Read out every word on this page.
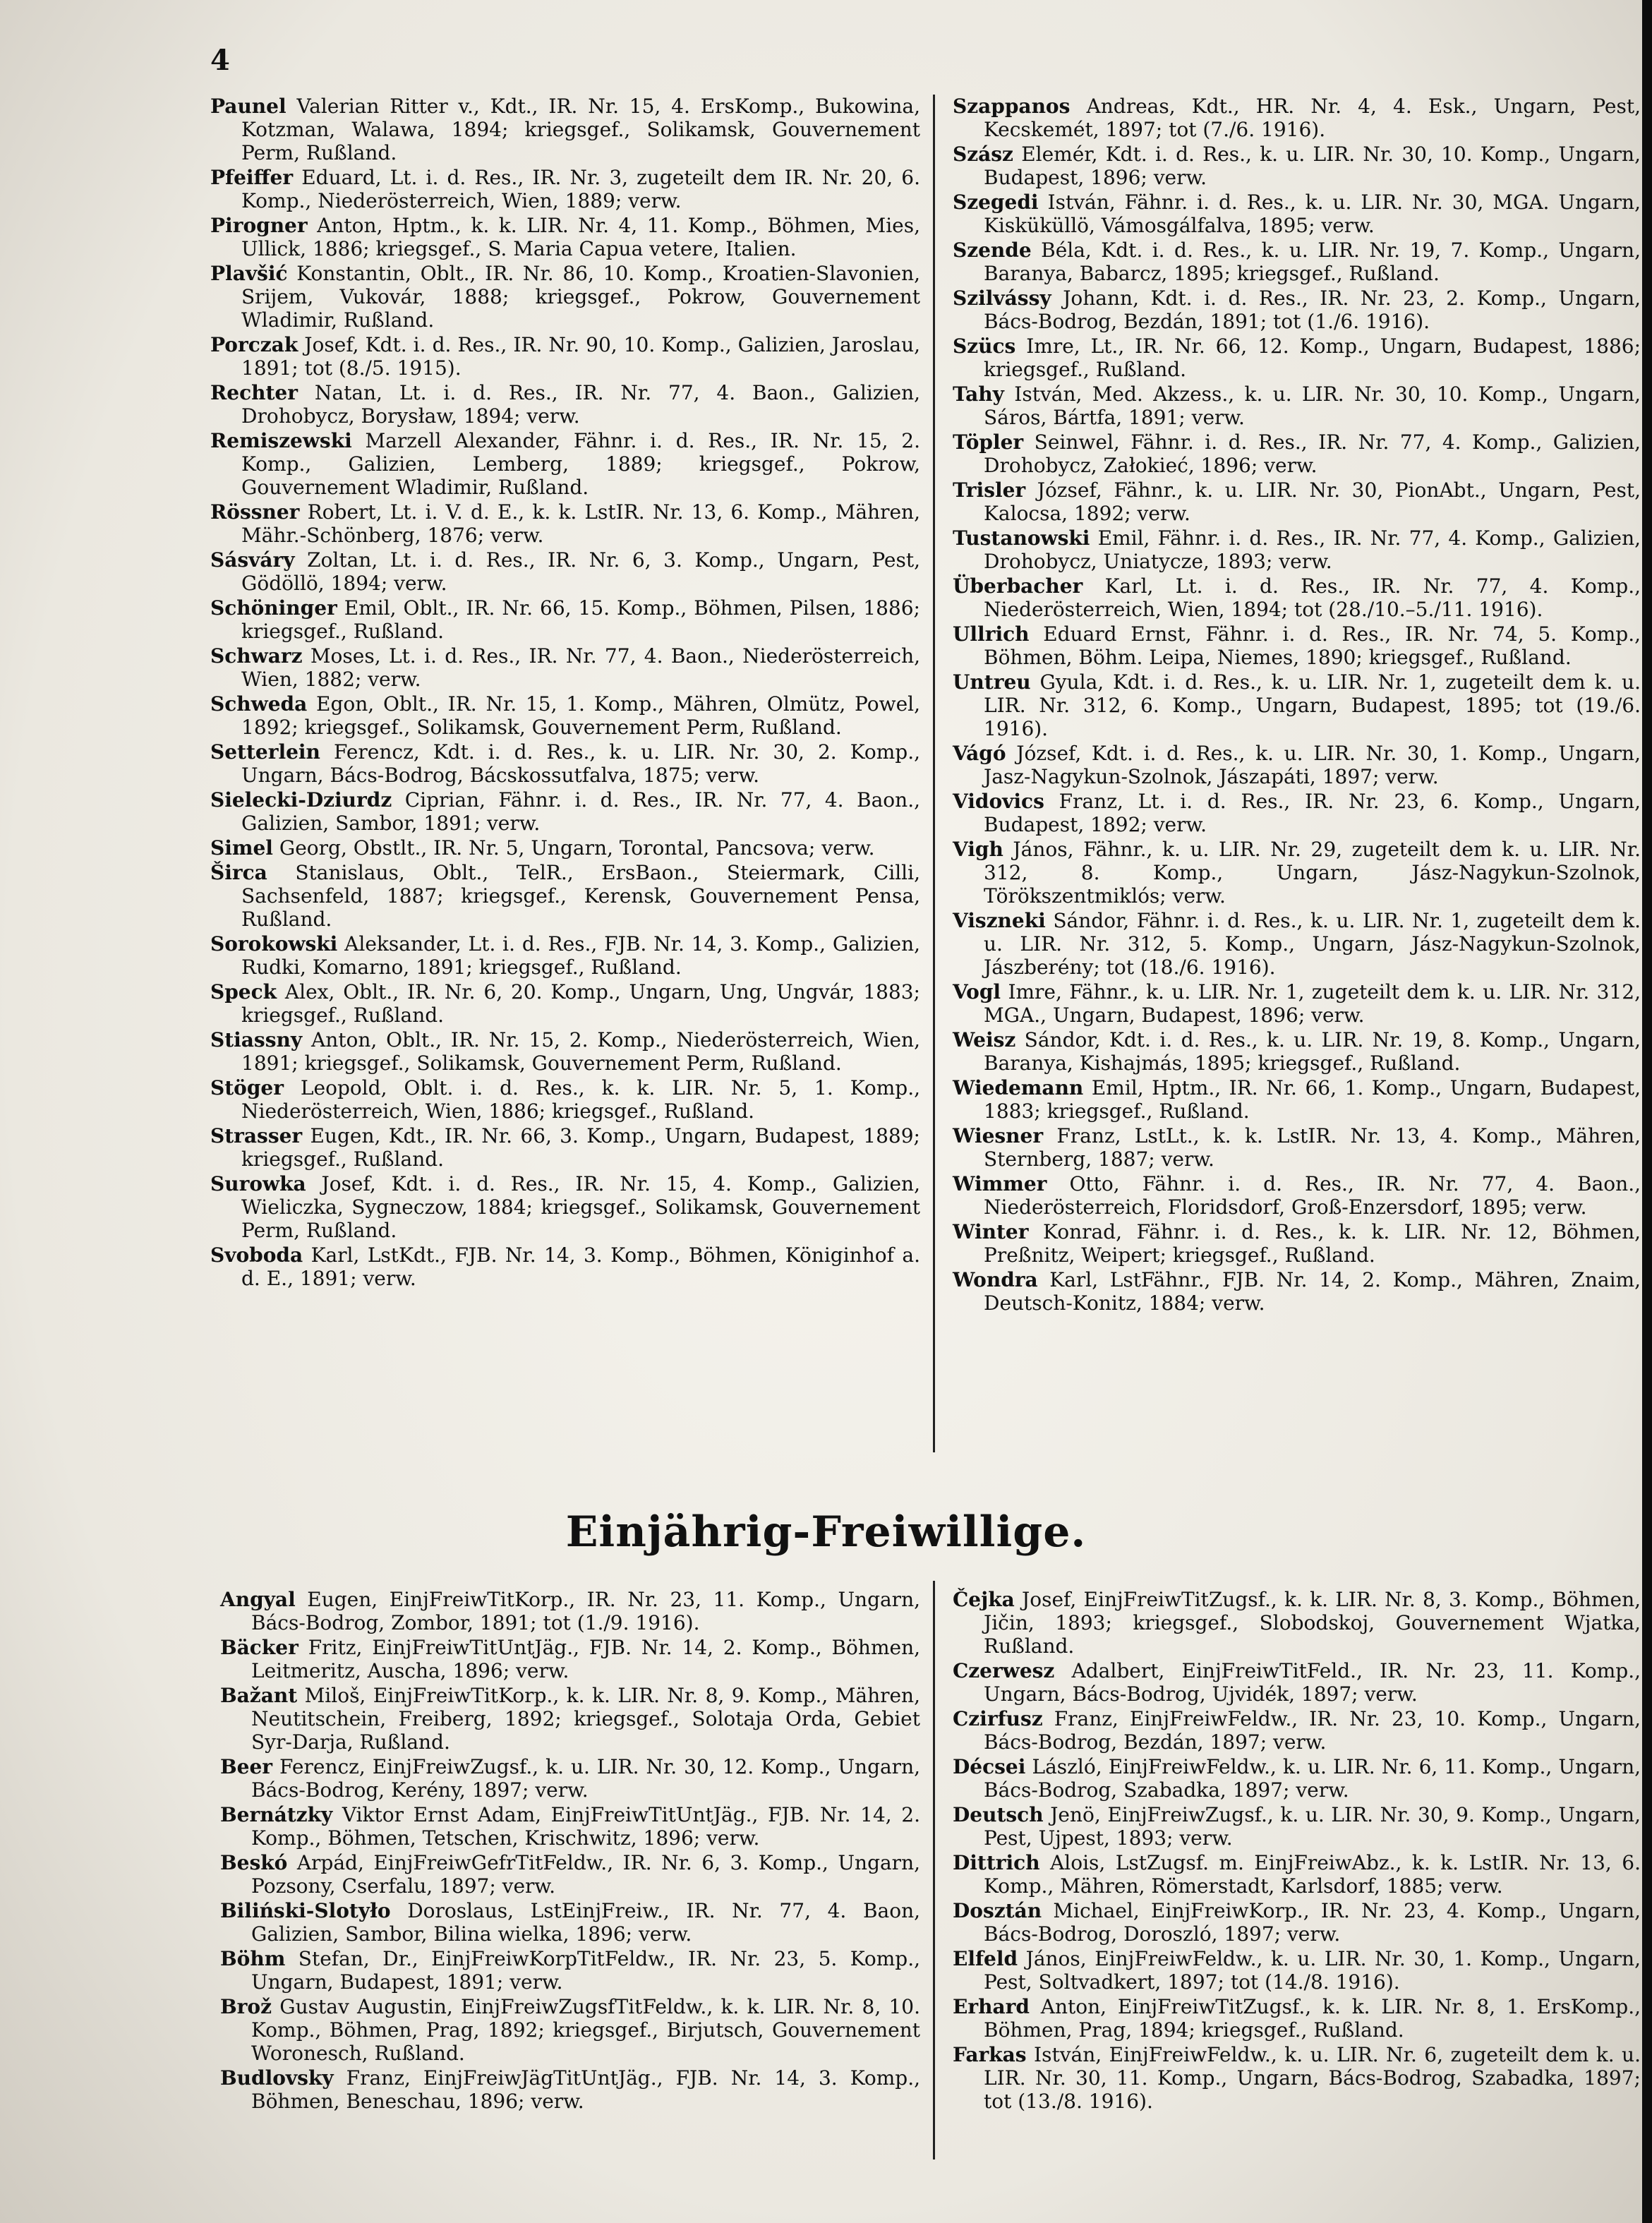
4

Paunel Valerian Ritter v., Kdt., IR. Nr. 15, 4. ErsKomp., Bukowina, Kotzman, Walawa, 1894; kriegsgef., Solikamsk, Gouvernement Perm, Rußland.

Pfeiffer Eduard, Lt. i. d. Res., IR. Nr. 3, zugeteilt dem IR. Nr. 20, 6. Komp., Niederösterreich, Wien, 1889; verw.

Pirogner Anton, Hptm., k. k. LIR. Nr. 4, 11. Komp., Böhmen, Mies, Ullick, 1886; kriegsgef., S. Maria Capua vetere, Italien.

Plavšić Konstantin, Oblt., IR. Nr. 86, 10. Komp., Kroatien-Slavonien, Srijem, Vukovár, 1888; kriegsgef., Pokrow, Gouvernement Wladimir, Rußland.

Porczak Josef, Kdt. i. d. Res., IR. Nr. 90, 10. Komp., Galizien, Jaroslau, 1891; tot (8./5. 1915).

Rechter Natan, Lt. i. d. Res., IR. Nr. 77, 4. Baon., Galizien, Drohobycz, Borysław, 1894; verw.

Remiszewski Marzell Alexander, Fähnr. i. d. Res., IR. Nr. 15, 2. Komp., Galizien, Lemberg, 1889; kriegsgef., Pokrow, Gouvernement Wladimir, Rußland.

Rössner Robert, Lt. i. V. d. E., k. k. LstIR. Nr. 13, 6. Komp., Mähren, Mähr.-Schönberg, 1876; verw.

Sásváry Zoltan, Lt. i. d. Res., IR. Nr. 6, 3. Komp., Ungarn, Pest, Gödöllö, 1894; verw.

Schöninger Emil, Oblt., IR. Nr. 66, 15. Komp., Böhmen, Pilsen, 1886; kriegsgef., Rußland.

Schwarz Moses, Lt. i. d. Res., IR. Nr. 77, 4. Baon., Niederösterreich, Wien, 1882; verw.

Schweda Egon, Oblt., IR. Nr. 15, 1. Komp., Mähren, Olmütz, Powel, 1892; kriegsgef., Solikamsk, Gouvernement Perm, Rußland.

Setterlein Ferencz, Kdt. i. d. Res., k. u. LIR. Nr. 30, 2. Komp., Ungarn, Bács-Bodrog, Bácskossutfalva, 1875; verw.

Sielecki-Dziurdz Ciprian, Fähnr. i. d. Res., IR. Nr. 77, 4. Baon., Galizien, Sambor, 1891; verw.

Simel Georg, Obstlt., IR. Nr. 5, Ungarn, Torontal, Pancsova; verw.

Širca Stanislaus, Oblt., TelR., ErsBaon., Steiermark, Cilli, Sachsenfeld, 1887; kriegsgef., Kerensk, Gouvernement Pensa, Rußland.

Sorokowski Aleksander, Lt. i. d. Res., FJB. Nr. 14, 3. Komp., Galizien, Rudki, Komarno, 1891; kriegsgef., Rußland.

Speck Alex, Oblt., IR. Nr. 6, 20. Komp., Ungarn, Ung, Ungvár, 1883; kriegsgef., Rußland.

Stiassny Anton, Oblt., IR. Nr. 15, 2. Komp., Niederösterreich, Wien, 1891; kriegsgef., Solikamsk, Gouvernement Perm, Rußland.

Stöger Leopold, Oblt. i. d. Res., k. k. LIR. Nr. 5, 1. Komp., Niederösterreich, Wien, 1886; kriegsgef., Rußland.

Strasser Eugen, Kdt., IR. Nr. 66, 3. Komp., Ungarn, Budapest, 1889; kriegsgef., Rußland.

Surowka Josef, Kdt. i. d. Res., IR. Nr. 15, 4. Komp., Galizien, Wieliczka, Sygneczow, 1884; kriegsgef., Solikamsk, Gouvernement Perm, Rußland.

Svoboda Karl, LstKdt., FJB. Nr. 14, 3. Komp., Böhmen, Königinhof a. d. E., 1891; verw.

Szappanos Andreas, Kdt., HR. Nr. 4, 4. Esk., Ungarn, Pest, Kecskemét, 1897; tot (7./6. 1916).

Szász Elemér, Kdt. i. d. Res., k. u. LIR. Nr. 30, 10. Komp., Ungarn, Budapest, 1896; verw.

Szegedi István, Fähnr. i. d. Res., k. u. LIR. Nr. 30, MGA. Ungarn, Kisküküllö, Vámosgálfalva, 1895; verw.

Szende Béla, Kdt. i. d. Res., k. u. LIR. Nr. 19, 7. Komp., Ungarn, Baranya, Babarcz, 1895; kriegsgef., Rußland.

Szilvássy Johann, Kdt. i. d. Res., IR. Nr. 23, 2. Komp., Ungarn, Bács-Bodrog, Bezdán, 1891; tot (1./6. 1916).

Szücs Imre, Lt., IR. Nr. 66, 12. Komp., Ungarn, Budapest, 1886; kriegsgef., Rußland.

Tahy István, Med. Akzess., k. u. LIR. Nr. 30, 10. Komp., Ungarn, Sáros, Bártfa, 1891; verw.

Töpler Seinwel, Fähnr. i. d. Res., IR. Nr. 77, 4. Komp., Galizien, Drohobycz, Załokieć, 1896; verw.

Trisler József, Fähnr., k. u. LIR. Nr. 30, PionAbt., Ungarn, Pest, Kalocsa, 1892; verw.

Tustanowski Emil, Fähnr. i. d. Res., IR. Nr. 77, 4. Komp., Galizien, Drohobycz, Uniatycze, 1893; verw.

Überbacher Karl, Lt. i. d. Res., IR. Nr. 77, 4. Komp., Niederösterreich, Wien, 1894; tot (28./10.–5./11. 1916).

Ullrich Eduard Ernst, Fähnr. i. d. Res., IR. Nr. 74, 5. Komp., Böhmen, Böhm. Leipa, Niemes, 1890; kriegsgef., Rußland.

Untreu Gyula, Kdt. i. d. Res., k. u. LIR. Nr. 1, zugeteilt dem k. u. LIR. Nr. 312, 6. Komp., Ungarn, Budapest, 1895; tot (19./6. 1916).

Vágó József, Kdt. i. d. Res., k. u. LIR. Nr. 30, 1. Komp., Ungarn, Jasz-Nagykun-Szolnok, Jászapáti, 1897; verw.

Vidovics Franz, Lt. i. d. Res., IR. Nr. 23, 6. Komp., Ungarn, Budapest, 1892; verw.

Vigh János, Fähnr., k. u. LIR. Nr. 29, zugeteilt dem k. u. LIR. Nr. 312, 8. Komp., Ungarn, Jász-Nagykun-Szolnok, Törökszentmiklós; verw.

Viszneki Sándor, Fähnr. i. d. Res., k. u. LIR. Nr. 1, zugeteilt dem k. u. LIR. Nr. 312, 5. Komp., Ungarn, Jász-Nagykun-Szolnok, Jászberény; tot (18./6. 1916).

Vogl Imre, Fähnr., k. u. LIR. Nr. 1, zugeteilt dem k. u. LIR. Nr. 312, MGA., Ungarn, Budapest, 1896; verw.

Weisz Sándor, Kdt. i. d. Res., k. u. LIR. Nr. 19, 8. Komp., Ungarn, Baranya, Kishajmás, 1895; kriegsgef., Rußland.

Wiedemann Emil, Hptm., IR. Nr. 66, 1. Komp., Ungarn, Budapest, 1883; kriegsgef., Rußland.

Wiesner Franz, LstLt., k. k. LstIR. Nr. 13, 4. Komp., Mähren, Sternberg, 1887; verw.

Wimmer Otto, Fähnr. i. d. Res., IR. Nr. 77, 4. Baon., Niederösterreich, Floridsdorf, Groß-Enzersdorf, 1895; verw.

Winter Konrad, Fähnr. i. d. Res., k. k. LIR. Nr. 12, Böhmen, Preßnitz, Weipert; kriegsgef., Rußland.

Wondra Karl, LstFähnr., FJB. Nr. 14, 2. Komp., Mähren, Znaim, Deutsch-Konitz, 1884; verw.

Einjährig-Freiwillige.

Angyal Eugen, EinjFreiwTitKorp., IR. Nr. 23, 11. Komp., Ungarn, Bács-Bodrog, Zombor, 1891; tot (1./9. 1916).

Bäcker Fritz, EinjFreiwTitUntJäg., FJB. Nr. 14, 2. Komp., Böhmen, Leitmeritz, Auscha, 1896; verw.

Bažant Miloš, EinjFreiwTitKorp., k. k. LIR. Nr. 8, 9. Komp., Mähren, Neutitschein, Freiberg, 1892; kriegsgef., Solotaja Orda, Gebiet Syr-Darja, Rußland.

Beer Ferencz, EinjFreiwZugsf., k. u. LIR. Nr. 30, 12. Komp., Ungarn, Bács-Bodrog, Kerény, 1897; verw.

Bernátzky Viktor Ernst Adam, EinjFreiwTitUntJäg., FJB. Nr. 14, 2. Komp., Böhmen, Tetschen, Krischwitz, 1896; verw.

Beskó Arpád, EinjFreiwGefrTitFeldw., IR. Nr. 6, 3. Komp., Ungarn, Pozsony, Cserfalu, 1897; verw.

Biliński-Slotyło Doroslaus, LstEinjFreiw., IR. Nr. 77, 4. Baon, Galizien, Sambor, Bilina wielka, 1896; verw.

Böhm Stefan, Dr., EinjFreiwKorpTitFeldw., IR. Nr. 23, 5. Komp., Ungarn, Budapest, 1891; verw.

Brož Gustav Augustin, EinjFreiwZugsfTitFeldw., k. k. LIR. Nr. 8, 10. Komp., Böhmen, Prag, 1892; kriegsgef., Birjutsch, Gouvernement Woronesch, Rußland.

Budlovsky Franz, EinjFreiwJägTitUntJäg., FJB. Nr. 14, 3. Komp., Böhmen, Beneschau, 1896; verw.

Čejka Josef, EinjFreiwTitZugsf., k. k. LIR. Nr. 8, 3. Komp., Böhmen, Jičin, 1893; kriegsgef., Slobodskoj, Gouvernement Wjatka, Rußland.

Czerwesz Adalbert, EinjFreiwTitFeld., IR. Nr. 23, 11. Komp., Ungarn, Bács-Bodrog, Ujvidék, 1897; verw.

Czirfusz Franz, EinjFreiwFeldw., IR. Nr. 23, 10. Komp., Ungarn, Bács-Bodrog, Bezdán, 1897; verw.

Décsei László, EinjFreiwFeldw., k. u. LIR. Nr. 6, 11. Komp., Ungarn, Bács-Bodrog, Szabadka, 1897; verw.

Deutsch Jenö, EinjFreiwZugsf., k. u. LIR. Nr. 30, 9. Komp., Ungarn, Pest, Ujpest, 1893; verw.

Dittrich Alois, LstZugsf. m. EinjFreiwAbz., k. k. LstIR. Nr. 13, 6. Komp., Mähren, Römerstadt, Karlsdorf, 1885; verw.

Dosztán Michael, EinjFreiwKorp., IR. Nr. 23, 4. Komp., Ungarn, Bács-Bodrog, Doroszló, 1897; verw.

Elfeld János, EinjFreiwFeldw., k. u. LIR. Nr. 30, 1. Komp., Ungarn, Pest, Soltvadkert, 1897; tot (14./8. 1916).

Erhard Anton, EinjFreiwTitZugsf., k. k. LIR. Nr. 8, 1. ErsKomp., Böhmen, Prag, 1894; kriegsgef., Rußland.

Farkas István, EinjFreiwFeldw., k. u. LIR. Nr. 6, zugeteilt dem k. u. LIR. Nr. 30, 11. Komp., Ungarn, Bács-Bodrog, Szabadka, 1897; tot (13./8. 1916).
